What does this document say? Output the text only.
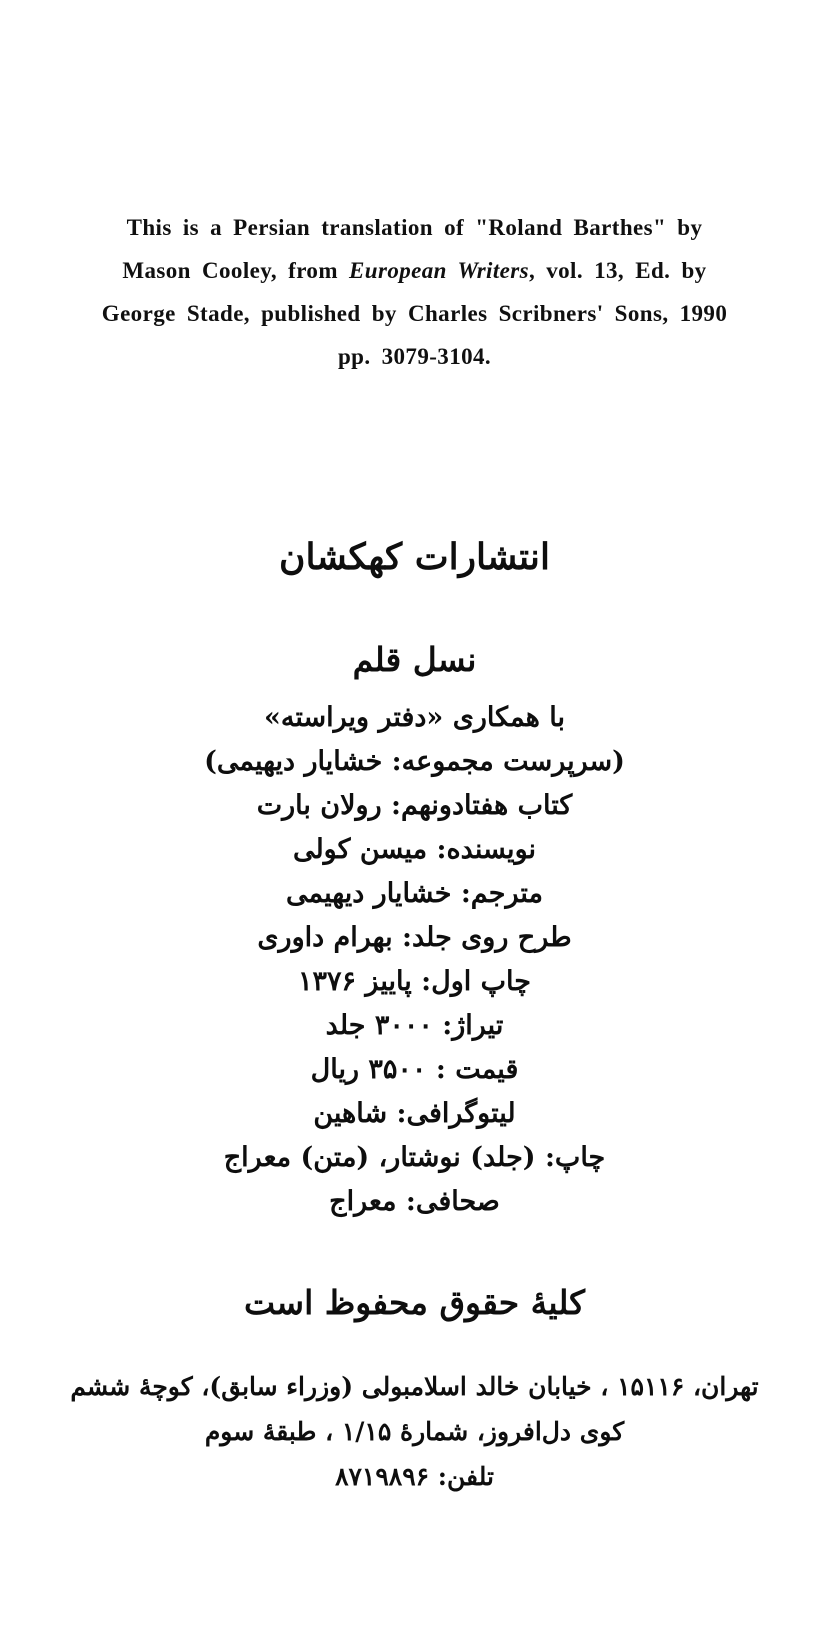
This is a Persian translation of "Roland Barthes" by
Mason Cooley, from European Writers, vol. 13, Ed. by
George Stade, published by Charles Scribners' Sons, 1990
pp. 3079-3104.
انتشارات کهکشان
نسل قلم
با همکاری «دفتر ویراسته»
(سرپرست مجموعه: خشایار دیهیمی)
کتاب هفتادونهم: رولان بارت
نویسنده: میسن کولی
مترجم: خشایار دیهیمی
طرح روی جلد: بهرام داوری
چاپ اول: پاییز ۱۳۷۶
تیراژ: ۳۰۰۰ جلد
قیمت : ۳۵۰۰ ریال
لیتوگرافی: شاهین
چاپ: (جلد) نوشتار، (متن) معراج
صحافی: معراج
کلیهٔ حقوق محفوظ است
تهران، ۱۵۱۱۶ ، خیابان خالد اسلامبولی (وزراء سابق)، کوچهٔ ششم
کوی دل‌افروز، شمارهٔ ۱/۱۵ ، طبقهٔ سوم
تلفن: ۸۷۱۹۸۹۶
